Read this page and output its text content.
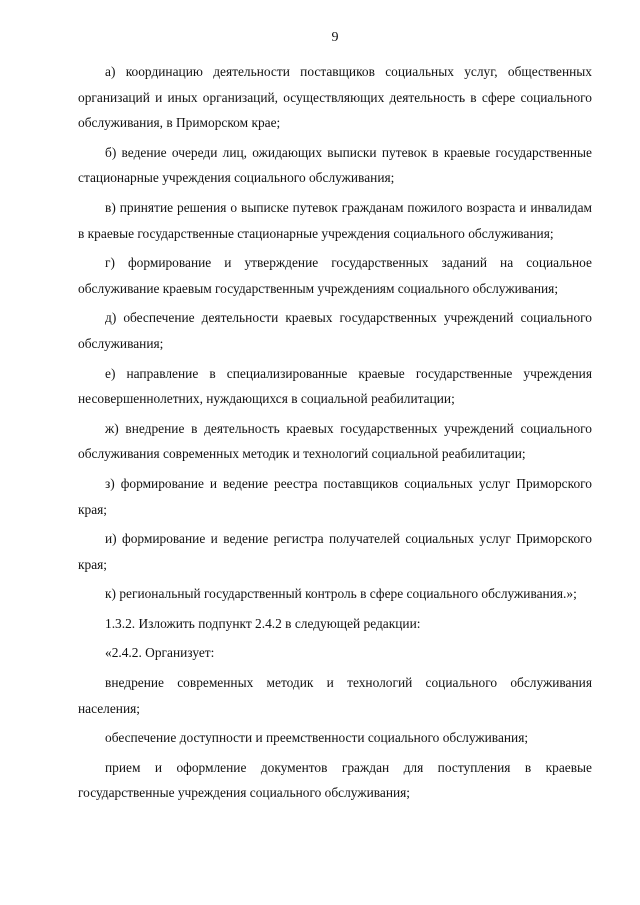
9

а) координацию деятельности поставщиков социальных услуг, общественных организаций и иных организаций, осуществляющих деятельность в сфере социального обслуживания, в Приморском крае;

б) ведение очереди лиц, ожидающих выписки путевок в краевые государственные стационарные учреждения социального обслуживания;

в) принятие решения о выписке путевок гражданам пожилого возраста и инвалидам в краевые государственные стационарные учреждения социального обслуживания;

г) формирование и утверждение государственных заданий на социальное обслуживание краевым государственным учреждениям социального обслуживания;

д) обеспечение деятельности краевых государственных учреждений социального обслуживания;

е) направление в специализированные краевые государственные учреждения несовершеннолетних, нуждающихся в социальной реабилитации;

ж) внедрение в деятельность краевых государственных учреждений социального обслуживания современных методик и технологий социальной реабилитации;

з) формирование и ведение реестра поставщиков социальных услуг Приморского края;

и) формирование и ведение регистра получателей социальных услуг Приморского края;

к) региональный государственный контроль в сфере социального обслуживания.»;

1.3.2. Изложить подпункт 2.4.2 в следующей редакции:

«2.4.2. Организует:

внедрение современных методик и технологий социального обслуживания населения;

обеспечение доступности и преемственности социального обслуживания;

прием и оформление документов граждан для поступления в краевые государственные учреждения социального обслуживания;
